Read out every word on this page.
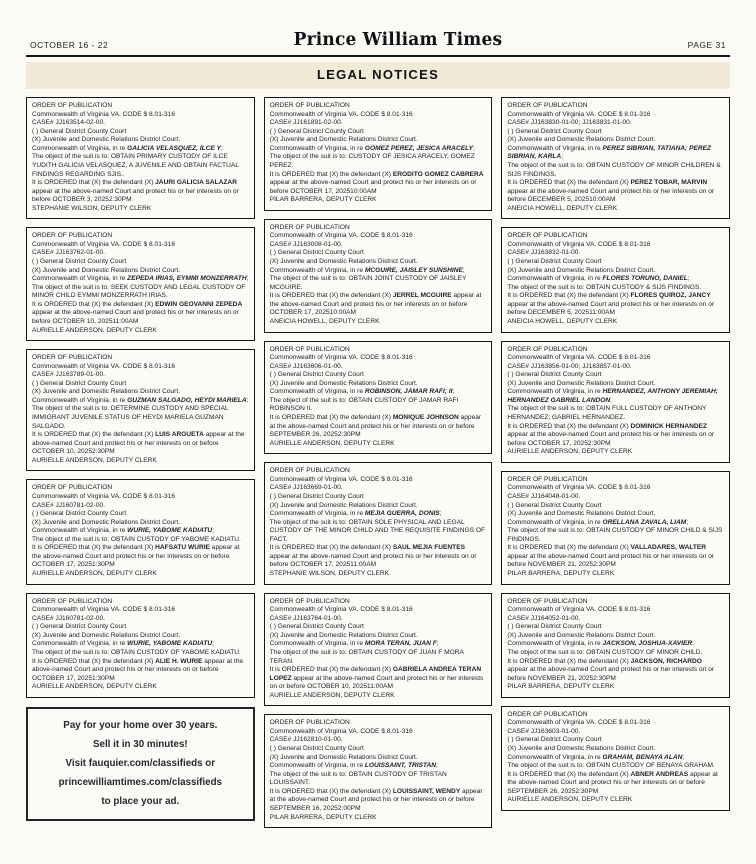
OCTOBER 16 - 22	Prince William Times	PAGE 31
LEGAL NOTICES
ORDER OF PUBLICATION
Commonwealth of Virginia VA. CODE $ 8.01-316
CASE# JJ163514-02-00.
( ) General District County Court
(X) Juvenile and Domestic Relations District Court.
Commonwealth of Virginia, in re GALICIA VELASQUEZ, ILCE Y;
The object of the suit is to: OBTAIN PRIMARY CUSTODY OF ILCE YUDITH GALICIA VELASQUEZ, A JUVENILE AND OBTAIN FACTUAL FINDINGS REGARDING SJIS..
It is ORDERED that (X) the defendant (X) JAURI GALICIA SALAZAR appear at the above-named Court and protect his or her interests on or before OCTOBER 3, 20252:30PM
STEPHANIE WILSON, DEPUTY CLERK
ORDER OF PUBLICATION
Commonwealth of Virginia VA. CODE $ 8.01-316
CASE# JJ163762-01-00.
( ) General District County Court
(X) Juvenile and Domestic Relations District Court.
Commonwealth of Virginia, in re ZEPEDA IRIAS, EYMMI MONZERRATH;
The object of the suit is to: SEEK CUSTODY AND LEGAL CUSTODY OF MINOR CHILD EYMMI MONZERRATH IRIAS.
It is ORDERED that (X) the defendant (X) EDWIN GEOVANNI ZEPEDA appear at the above-named Court and protect his or her interests on or before OCTOBER 10, 202511:00AM
AURIELLE ANDERSON, DEPUTY CLERK
ORDER OF PUBLICATION
Commonwealth of Virginia VA. CODE $ 8.01-316
CASE# JJ163789-01-00.
( ) General District County Court
(X) Juvenile and Domestic Relations District Court.
Commonwealth of Virginia, in re GUZMAN SALGADO, HEYDI MARIELA;
The object of the suit is to: DETERMINE CUSTODY AND SPECIAL IMMIGRANT JUVENILE STATUS OF HEYDI MARIELA GUZMAN SALGADO.
It is ORDERED that (X) the defendant (X) LUIS ARGUETA appear at the above-named Court and protect his or her interests on or before OCTOBER 10, 20252:30PM
AURIELLE ANDERSON, DEPUTY CLERK
ORDER OF PUBLICATION
Commonwealth of Virginia VA. CODE $ 8.01-316
CASE# JJ160781-02-00.
( ) General District County Court
(X) Juvenile and Domestic Relations District Court.
Commonwealth of Virginia, in re WURIE, YABOME KADIATU;
The object of the suit is to: OBTAIN CUSTODY OF YABOME KADIATU.
It is ORDERED that (X) the defendant (X) HAFSATU WURIE appear at the above-named Court and protect his or her interests on or before OCTOBER 17, 20251:30PM
AURIELLE ANDERSON, DEPUTY CLERK
ORDER OF PUBLICATION
Commonwealth of Virginia VA. CODE $ 8.01-316
CASE# JJ160781-02-00.
( ) General District County Court
(X) Juvenile and Domestic Relations District Court.
Commonwealth of Virginia, in re WURIE, YABOME KADIATU;
The object of the suit is to: OBTAIN CUSTODY OF YABOME KADIATU.
It is ORDERED that (X) the defendant (X) ALIE H. WURIE appear at the above-named Court and protect his or her interests on or before OCTOBER 17, 20251:30PM
AURIELLE ANDERSON, DEPUTY CLERK
Pay for your home over 30 years.
Sell it in 30 minutes!
Visit fauquier.com/classifieds or
princewilliamtimes.com/classifieds
to place your ad.
ORDER OF PUBLICATION
Commonwealth of Virginia VA. CODE $ 8.01-316
CASE# JJ161891-02-00.
( ) General District County Court
(X) Juvenile and Domestic Relations District Court.
Commonwealth of Virginia, in re GOMEZ PEREZ, JESICA ARACELY;
The object of the suit is to: CUSTODY OF JESICA ARACELY, GOMEZ PEREZ.
It is ORDERED that (X) the defendant (X) ERODITO GOMEZ CABRERA appear at the above-named Court and protect his or her interests on or before OCTOBER 17, 202510:00AM
PILAR BARRERA, DEPUTY CLERK
ORDER OF PUBLICATION
Commonwealth of Virginia VA. CODE $ 8.01-316
CASE# JJ163008-01-00.
( ) General District County Court
(X) Juvenile and Domestic Relations District Court.
Commonwealth of Virginia, in re MCGUIRE, JAISLEY SUNSHINE;
The object of the suit is to: OBTAIN JOINT CUSTODY OF JAISLEY MCGUIRE.
It is ORDERED that (X) the defendant (X) JERREL MCGUIRE appear at the above-named Court and protect his or her interests on or before OCTOBER 17, 202510:00AM
ANEICIA HOWELL, DEPUTY CLERK
ORDER OF PUBLICATION
Commonwealth of Virginia VA. CODE $ 8.01-316
CASE# JJ163606-01-00.
( ) General District County Court
(X) Juvenile and Domestic Relations District Court.
Commonwealth of Virginia, in re ROBINSON, JAMAR RAFI; II;
The object of the suit is to: OBTAIN CUSTODY OF JAMAR RAFI ROBINSON II.
It is ORDERED that (X) the defendant (X) MONIQUE JOHNSON appear at the above-named Court and protect his or her interests on or before SEPTEMBER 26, 20252:30PM
AURIELLE ANDERSON, DEPUTY CLERK
ORDER OF PUBLICATION
Commonwealth of Virginia VA. CODE $ 8.01-316
CASE# JJ163669-01-00.
( ) General District County Court
(X) Juvenile and Domestic Relations District Court.
Commonwealth of Virginia, in re MEJIA GUERRA, DONIS;
The object of the suit is to: OBTAIN SOLE PHYSICAL AND LEGAL CUSTODY OF THE MINOR CHILD AND THE REQUISITE FINDINGS OF FACT.
It is ORDERED that (X) the defendant (X) SAUL MEJIA FUENTES appear at the above-named Court and protect his or her interests on or before OCTOBER 17, 202511:00AM
STEPHANIE WILSON, DEPUTY CLERK
ORDER OF PUBLICATION
Commonwealth of Virginia VA. CODE $ 8.01-316
CASE# JJ163764-01-00.
( ) General District County Court
(X) Juvenile and Domestic Relations District Court.
Commonwealth of Virginia, in re MORA TERAN, JUAN F;
The object of the suit is to: OBTAIN CUSTODY OF JUAN F MORA TERAN.
It is ORDERED that (X) the defendant (X) GABRIELA ANDREA TERAN LOPEZ appear at the above-named Court and protect his or her interests on or before OCTOBER 10, 202511:00AM
AURIELLE ANDERSON, DEPUTY CLERK
ORDER OF PUBLICATION
Commonwealth of Virginia VA. CODE $ 8.01-316
CASE# JJ162810-01-00.
( ) General District County Court
(X) Juvenile and Domestic Relations District Court.
Commonwealth of Virginia, in re LOUISSAINT, TRISTAN;
The object of the suit is to: OBTAIN CUSTODY OF TRISTAN LOUISSAINT.
It is ORDERED that (X) the defendant (X) LOUISSAINT, WENDY appear at the above-named Court and protect his or her interests on or before SEPTEMBER 16, 20252:00PM
PILAR BARRERA, DEPUTY CLERK
ORDER OF PUBLICATION
Commonwealth of Virginia VA. CODE $ 8.01-316
CASE# JJ163830-01-00; JJ163831-01-00.
( ) General District County Court
(X) Juvenile and Domestic Relations District Court.
Commonwealth of Virginia, in re PEREZ SIBRIAN, TATIANA; PEREZ SIBRIAN, KARLA;
The object of the suit is to: OBTAIN CUSTODY OF MINOR CHILDREN & SIJS FINDINGS.
It is ORDERED that (X) the defendant (X) PEREZ TOBAR, MARVIN appear at the above-named Court and protect his or her interests on or before DECEMBER 5, 202510:00AM
ANEICIA HOWELL, DEPUTY CLERK
ORDER OF PUBLICATION
Commonwealth of Virginia VA. CODE $ 8.01-316
CASE# JJ163832-01-00.
( ) General District County Court
(X) Juvenile and Domestic Relations District Court.
Commonwealth of Virginia, in re FLORES TORUNO, DANIEL;
The object of the suit is to: OBTAIN CUSTODY & SIJS FINDINGS.
It is ORDERED that (X) the defendant (X) FLORES QUIROZ, JANCY appear at the above-named Court and protect his or her interests on or before DECEMBER 5, 202511:00AM
ANEICIA HOWELL, DEPUTY CLERK
ORDER OF PUBLICATION
Commonwealth of Virginia VA. CODE $ 8.01-316
CASE# JJ163856-01-00; JJ163857-01-00.
( ) General District County Court
(X) Juvenile and Domestic Relations District Court.
Commonwealth of Virginia, in re HERNANDEZ, ANTHONY JEREMIAH; HERNANDEZ GABRIEL LANDON;
The object of the suit is to: OBTAIN FULL CUSTODY OF ANTHONY HERNANDEZ; GABRIEL HERNANDEZ.
It is ORDERED that (X) the defendant (X) DOMINICK HERNANDEZ appear at the above-named Court and protect his or her interests on or before OCTOBER 17, 20252:30PM
AURIELLE ANDERSON, DEPUTY CLERK
ORDER OF PUBLICATION
Commonwealth of Virginia VA. CODE $ 8.01-316
CASE# JJ164048-01-00.
( ) General District County Court
(X) Juvenile and Domestic Relations District Court.
Commonwealth of Virginia, in re ORELLANA ZAVALA, LIAM;
The object of the suit is to: OBTAIN CUSTODY OF MINOR CHILD & SIJS FINDINGS.
It is ORDERED that (X) the defendant (X) VALLADARES, WALTER appear at the above-named Court and protect his or her interests on or before NOVEMBER 21, 20252:30PM
PILAR BARRERA, DEPUTY CLERK
ORDER OF PUBLICATION
Commonwealth of Virginia VA. CODE $ 8.01-316
CASE# JJ164052-01-00.
( ) General District County Court
(X) Juvenile and Domestic Relations District Court.
Commonwealth of Virginia, in re JACKSON, JOSHUA-XAVIER;
The object of the suit is to: OBTAIN CUSTODY OF MINOR CHILD.
It is ORDERED that (X) the defendant (X) JACKSON, RICHARDO appear at the above-named Court and protect his or her interests on or before NOVEMBER 21, 20252:30PM
PILAR BARRERA, DEPUTY CLERK
ORDER OF PUBLICATION
Commonwealth of Virginia VA. CODE $ 8.01-316
CASE# JJ163603-01-00.
( ) General District County Court
(X) Juvenile and Domestic Relations District Court.
Commonwealth of Virginia, in re GRAHAM, BENAYA ALAN;
The object of the suit is to: OBTAIN CUSTODY OF BENAYA GRAHAM.
It is ORDERED that (X) the defendant (X) ABNER ANDREAS appear at the above-named Court and protect his or her interests on or before SEPTEMBER 26, 20252:30PM
AURIELLE ANDERSON, DEPUTY CLERK
